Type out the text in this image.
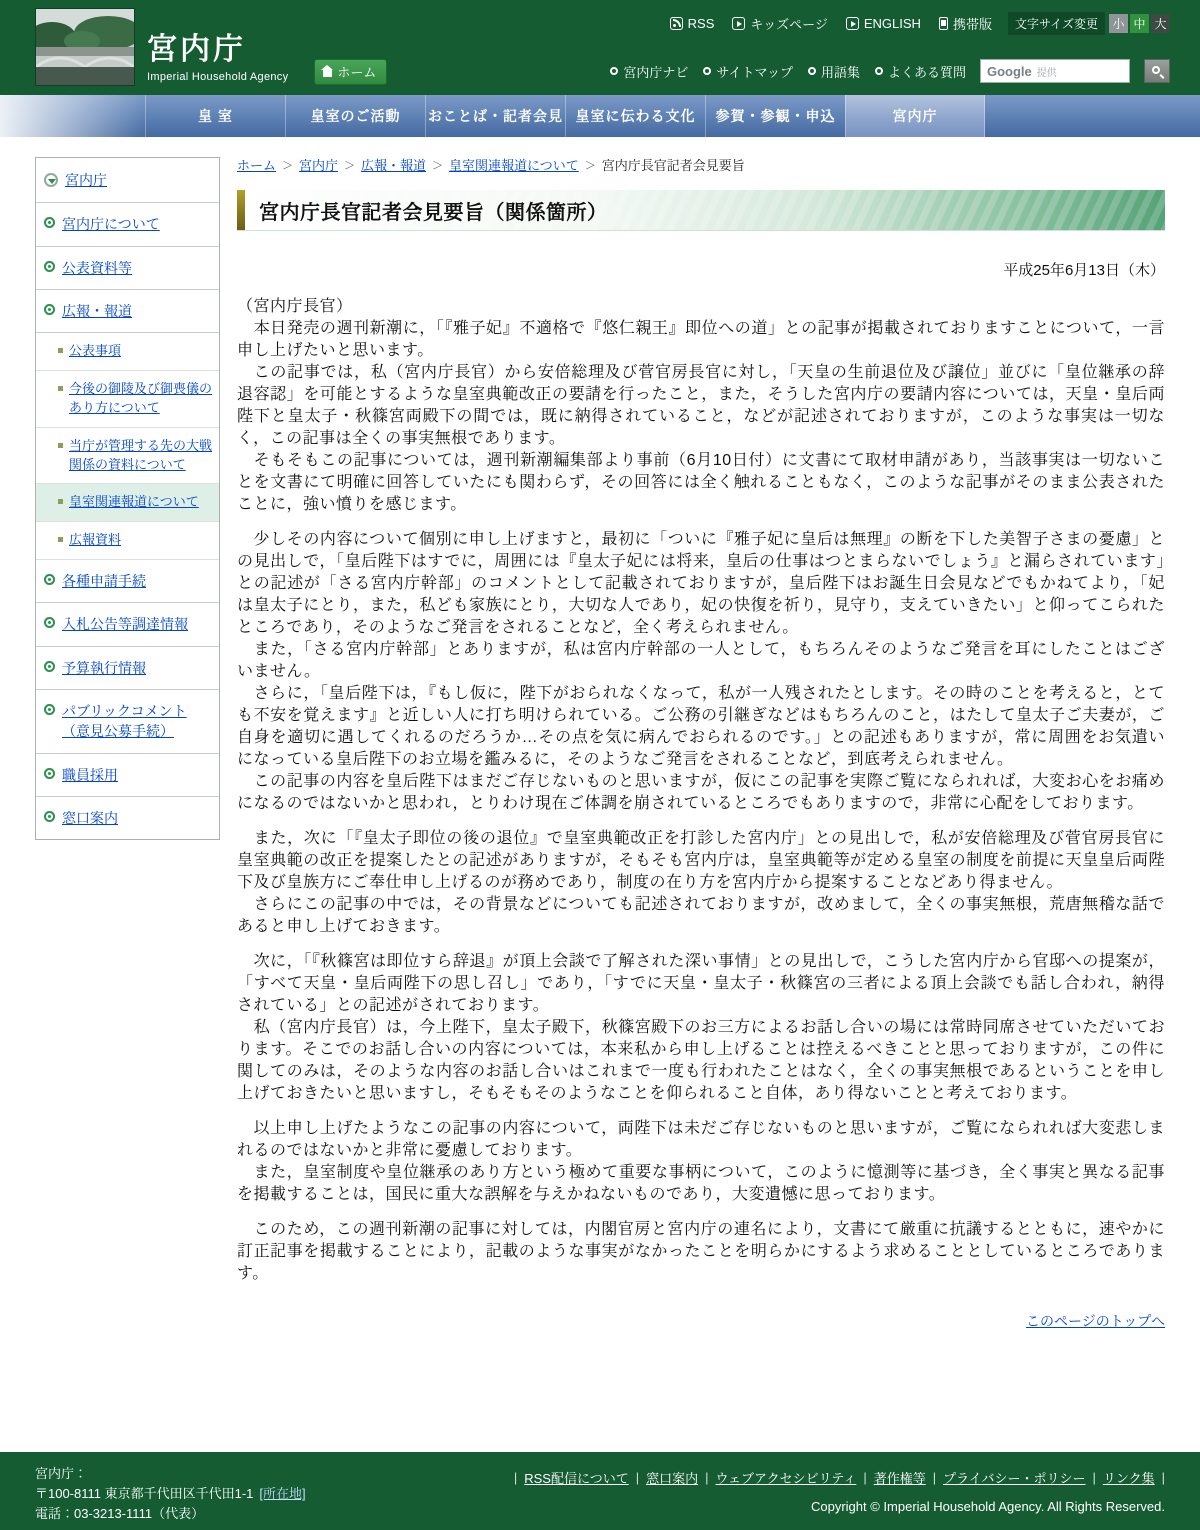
宮内庁
Imperial Household Agency	ホーム
RSS	キッズページ	ENGLISH 携帯版	文字サイズ変更	小 中 大
宮内庁ナビ サイトマップ 用語集 よくある質問 Google 提供
皇 室	皇室のご活動	おことば・記者会見 皇室に伝わる文化	参賀・参観・申込	宮内庁
宮内庁
宮内庁について
公表資料等
広報・報道
公表事項
今後の御陵及び御喪儀のあり方について
当庁が管理する先の大戦関係の資料について
皇室関連報道について
広報資料
各種申請手続
入札公告等調達情報
予算執行情報
パブリックコメント（意見公募手続）
職員採用
窓口案内
ホーム ＞ 宮内庁 ＞ 広報・報道 ＞ 皇室関連報道について ＞ 宮内庁長官記者会見要旨
宮内庁長官記者会見要旨（関係箇所）
平成25年6月13日（木）

（宮内庁長官）

　本日発売の週刊新潮に，「『雅子妃』不適格で『悠仁親王』即位への道」との記事が掲載されておりますことについて，一言申し上げたいと思います。

　この記事では，私（宮内庁長官）から安倍総理及び菅官房長官に対し，「天皇の生前退位及び譲位」並びに「皇位継承の辞退容認」を可能とするような皇室典範改正の要請を行ったこと，また，そうした宮内庁の要請内容については，天皇・皇后両陛下と皇太子・秋篠宮両殿下の間では，既に納得されていること，などが記述されておりますが，このような事実は一切なく，この記事は全くの事実無根であります。

　そもそもこの記事については，週刊新潮編集部より事前（6月10日付）に文書にて取材申請があり，当該事実は一切ないことを文書にて明確に回答していたにも関わらず，その回答には全く触れることもなく，このような記事がそのまま公表されたことに，強い憤りを感じます。

　少しその内容について個別に申し上げますと，最初に「ついに『雅子妃に皇后は無理』の断を下した美智子さまの憂慮」との見出しで，「皇后陛下はすでに，周囲には『皇太子妃には将来，皇后の仕事はつとまらないでしょう』と漏らされています」との記述が「さる宮内庁幹部」のコメントとして記載されておりますが，皇后陛下はお誕生日会見などでもかねてより，「妃は皇太子にとり，また，私ども家族にとり，大切な人であり，妃の快復を祈り，見守り，支えていきたい」と仰ってこられたところであり，そのようなご発言をされることなど，全く考えられません。

　また，「さる宮内庁幹部」とありますが，私は宮内庁幹部の一人として，もちろんそのようなご発言を耳にしたことはございません。

　さらに，「皇后陛下は，『もし仮に，陛下がおられなくなって，私が一人残されたとします。その時のことを考えると，とても不安を覚えます』と近しい人に打ち明けられている。ご公務の引継ぎなどはもちろんのこと，はたして皇太子ご夫妻が，ご自身を適切に遇してくれるのだろうか…その点を気に病んでおられるのです。」との記述もありますが，常に周囲をお気遣いになっている皇后陛下のお立場を鑑みるに，そのようなご発言をされることなど，到底考えられません。

　この記事の内容を皇后陛下はまだご存じないものと思いますが，仮にこの記事を実際ご覧になられれば，大変お心をお痛めになるのではないかと思われ，とりわけ現在ご体調を崩されているところでもありますので，非常に心配をしております。

　また，次に「『皇太子即位の後の退位』で皇室典範改正を打診した宮内庁」との見出しで，私が安倍総理及び菅官房長官に皇室典範の改正を提案したとの記述がありますが，そもそも宮内庁は，皇室典範等が定める皇室の制度を前提に天皇皇后両陛下及び皇族方にご奉仕申し上げるのが務めであり，制度の在り方を宮内庁から提案することなどあり得ません。

　さらにこの記事の中では，その背景などについても記述されておりますが，改めまして，全くの事実無根，荒唐無稽な話であると申し上げておきます。

　次に，「『秋篠宮は即位すら辞退』が頂上会談で了解された深い事情」との見出しで，こうした宮内庁から官邸への提案が，「すべて天皇・皇后両陛下の思し召し」であり，「すでに天皇・皇太子・秋篠宮の三者による頂上会談でも話し合われ，納得されている」との記述がされております。

　私（宮内庁長官）は，今上陛下，皇太子殿下，秋篠宮殿下のお三方によるお話し合いの場には常時同席させていただいております。そこでのお話し合いの内容については，本来私から申し上げることは控えるべきことと思っておりますが，この件に関してのみは，そのような内容のお話し合いはこれまで一度も行われたことはなく，全くの事実無根であるということを申し上げておきたいと思いますし，そもそもそのようなことを仰られること自体，あり得ないことと考えております。

　以上申し上げたようなこの記事の内容について，両陛下は未だご存じないものと思いますが，ご覧になられれば大変悲しまれるのではないかと非常に憂慮しております。

　また，皇室制度や皇位継承のあり方という極めて重要な事柄について，このように憶測等に基づき，全く事実と異なる記事を掲載することは，国民に重大な誤解を与えかねないものであり，大変遺憾に思っております。

　このため，この週刊新潮の記事に対しては，内閣官房と宮内庁の連名により，文書にて厳重に抗議するとともに，速やかに訂正記事を掲載することにより，記載のような事実がなかったことを明らかにするよう求めることとしているところであります。

このページのトップへ
宮内庁：
〒100-8111 東京都千代田区千代田1-1 [所在地]
電話：03-3213-1111（代表）
| RSS配信について | 窓口案内 | ウェブアクセシビリティ | 著作権等 | プライバシー・ポリシー | リンク集 |
Copyright © Imperial Household Agency. All Rights Reserved.
